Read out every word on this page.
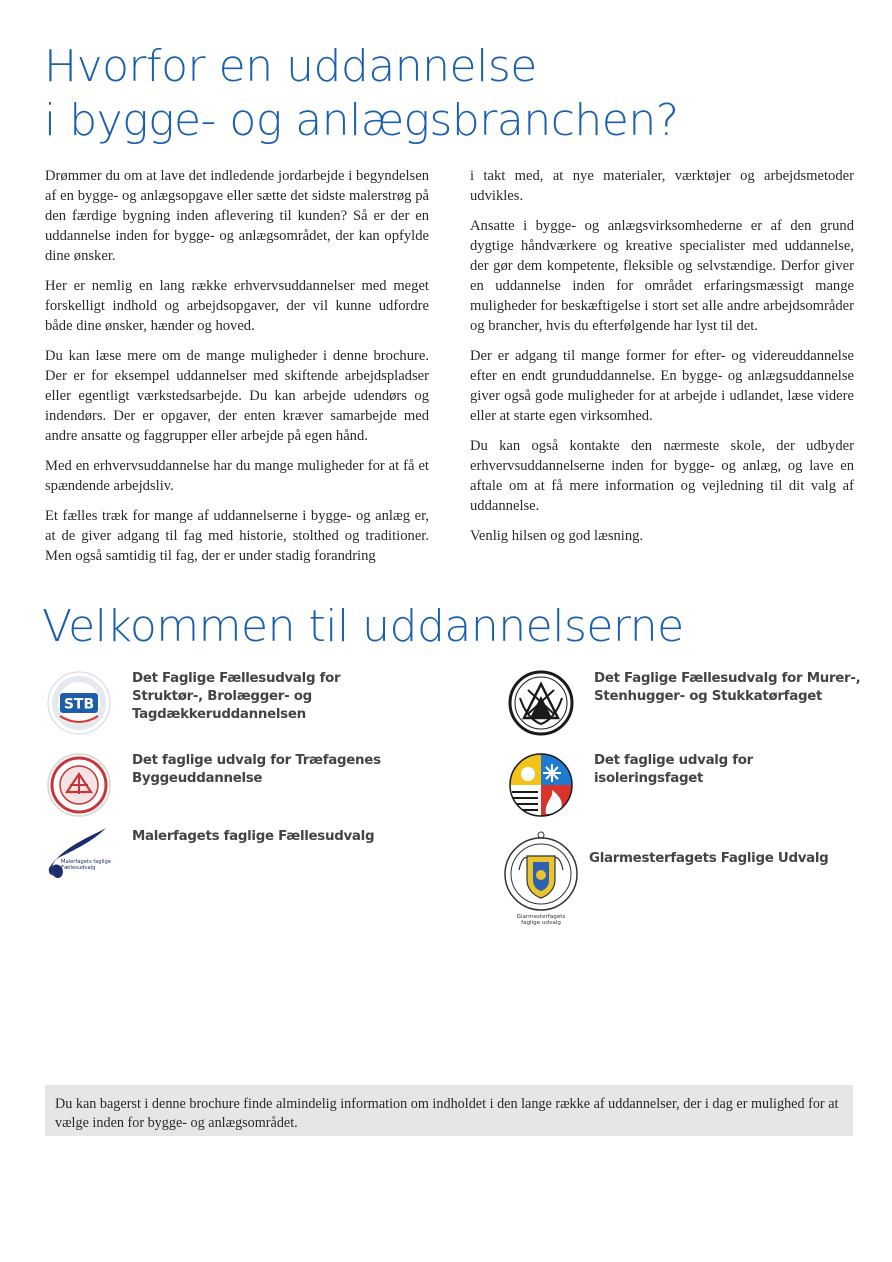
Hvorfor en uddannelse
i bygge- og anlægsbranchen?

Drømmer du om at lave det indledende jordarbejde i begyndelsen af en bygge- og anlægsopgave eller sætte det sidste malerstrøg på den færdige bygning inden aflevering til kunden? Så er der en uddannelse inden for bygge- og anlægsområdet, der kan opfylde dine ønsker.

Her er nemlig en lang række erhvervsuddannelser med meget forskelligt indhold og arbejdsopgaver, der vil kunne udfordre både dine ønsker, hænder og hoved.

Du kan læse mere om de mange muligheder i denne brochure. Der er for eksempel uddannelser med skiftende arbejdspladser eller egentligt værkstedsarbejde. Du kan arbejde udendørs og indendørs. Der er opgaver, der enten kræver samarbejde med andre ansatte og faggrupper eller arbejde på egen hånd.

Med en erhvervsuddannelse har du mange muligheder for at få et spændende arbejdsliv.

Et fælles træk for mange af uddannelserne i bygge- og anlæg er, at de giver adgang til fag med historie, stolthed og traditioner. Men også samtidig til fag, der er under stadig forandring

i takt med, at nye materialer, værktøjer og arbejdsmetoder udvikles.

Ansatte i bygge- og anlægsvirksomhederne er af den grund dygtige håndværkere og kreative specialister med uddannelse, der gør dem kompetente, fleksible og selvstændige. Derfor giver en uddannelse inden for området erfaringsmæssigt mange muligheder for beskæftigelse i stort set alle andre arbejdsområder og brancher, hvis du efterfølgende har lyst til det.

Der er adgang til mange former for efter- og videreuddannelse efter en endt grunduddannelse. En bygge- og anlægsuddannelse giver også gode muligheder for at arbejde i udlandet, læse videre eller at starte egen virksomhed.

Du kan også kontakte den nærmeste skole, der udbyder erhvervsuddannelserne inden for bygge- og anlæg, og lave en aftale om at få mere information og vejledning til dit valg af uddannelse.

Venlig hilsen og god læsning.

Velkommen til uddannelserne
STB
Det Faglige Fællesudvalg for Struktør-, Brolægger- og Tagdækkeruddannelsen
Det faglige udvalg for Træfagenes Byggeuddannelse
Malerfagets faglige
Fællesudvalg
Malerfagets faglige Fællesudvalg
Det Faglige Fællesudvalg for Murer-, Stenhugger- og Stukkatørfaget
Det faglige udvalg for isoleringsfaget
Glarmesterfagets
faglige udvalg
Glarmesterfagets Faglige Udvalg
Du kan bagerst i denne brochure finde almindelig information om indholdet i den lange række af uddannelser, der i dag er mulighed for at vælge inden for bygge- og anlægsområdet.
